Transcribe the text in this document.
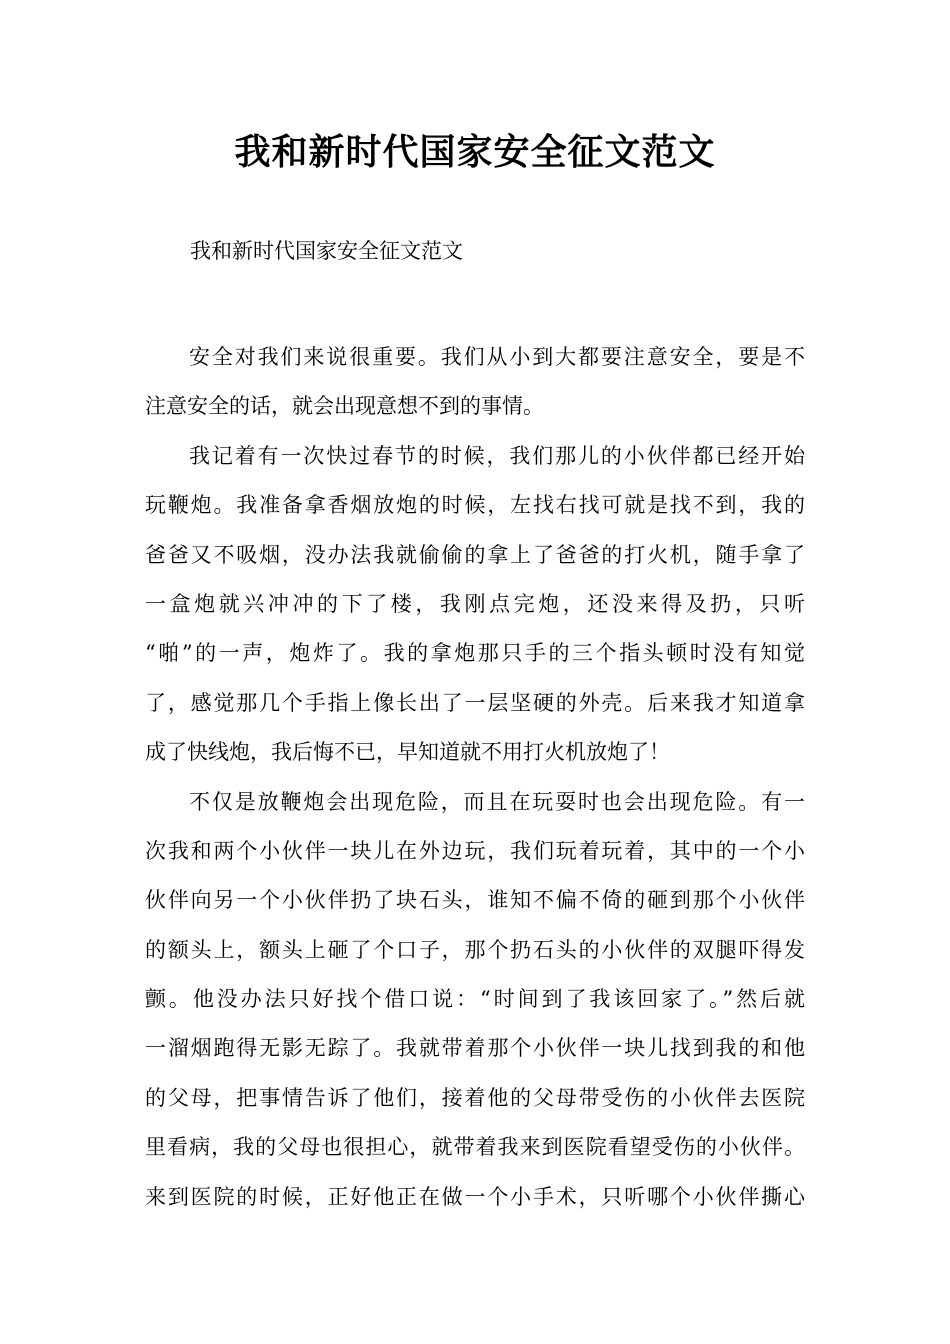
我和新时代国家安全征文范文

我和新时代国家安全征文范文

安全对我们来说很重要。我们从小到大都要注意安全，要是不
注意安全的话，就会出现意想不到的事情。

我记着有一次快过春节的时候，我们那儿的小伙伴都已经开始
玩鞭炮。我准备拿香烟放炮的时候，左找右找可就是找不到，我的
爸爸又不吸烟，没办法我就偷偷的拿上了爸爸的打火机，随手拿了
一盒炮就兴冲冲的下了楼，我刚点完炮，还没来得及扔，只听
“啪”的一声，炮炸了。我的拿炮那只手的三个指头顿时没有知觉
了，感觉那几个手指上像长出了一层坚硬的外壳。后来我才知道拿
成了快线炮，我后悔不已，早知道就不用打火机放炮了！

不仅是放鞭炮会出现危险，而且在玩耍时也会出现危险。有一
次我和两个小伙伴一块儿在外边玩，我们玩着玩着，其中的一个小
伙伴向另一个小伙伴扔了块石头，谁知不偏不倚的砸到那个小伙伴
的额头上，额头上砸了个口子，那个扔石头的小伙伴的双腿吓得发
颤。他没办法只好找个借口说：“时间到了我该回家了。”然后就
一溜烟跑得无影无踪了。我就带着那个小伙伴一块儿找到我的和他
的父母，把事情告诉了他们，接着他的父母带受伤的小伙伴去医院
里看病，我的父母也很担心，就带着我来到医院看望受伤的小伙伴。
来到医院的时候，正好他正在做一个小手术，只听哪个小伙伴撕心
